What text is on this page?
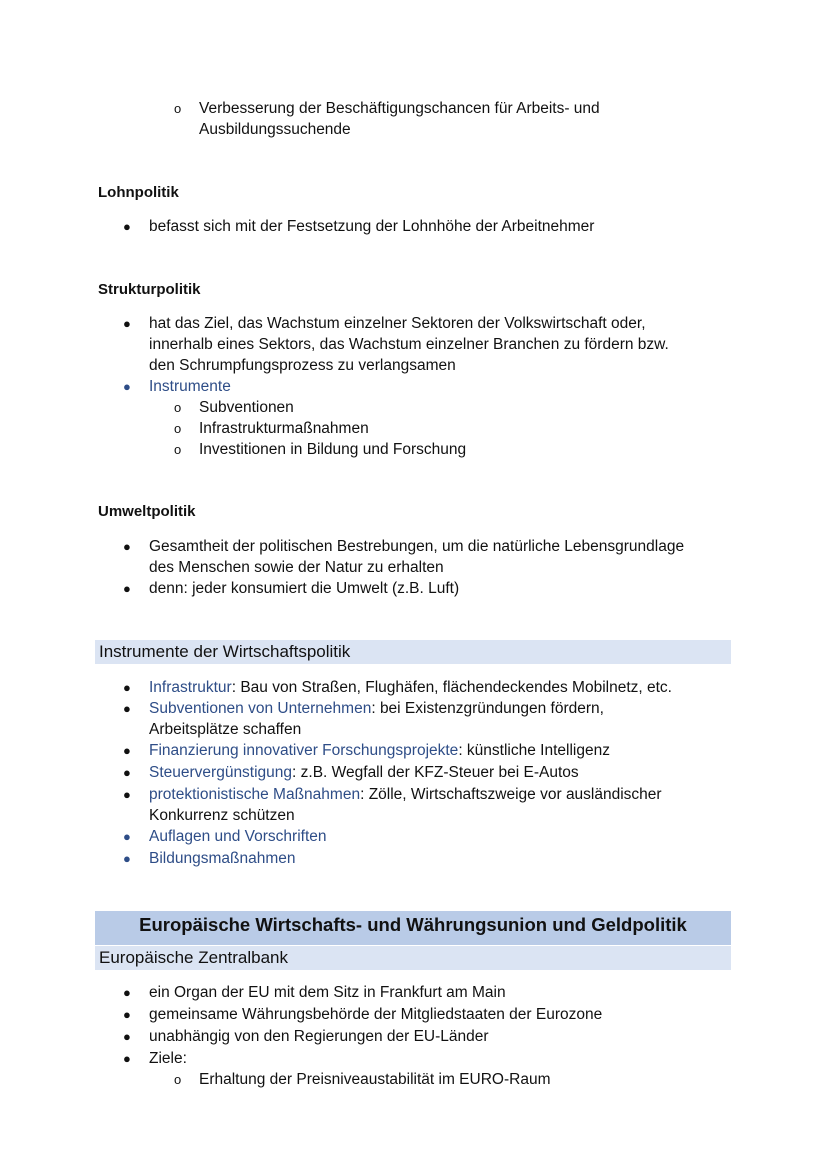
o Verbesserung der Beschäftigungschancen für Arbeits- und
Ausbildungssuchende
Lohnpolitik
● befasst sich mit der Festsetzung der Lohnhöhe der Arbeitnehmer
Strukturpolitik
● hat das Ziel, das Wachstum einzelner Sektoren der Volkswirtschaft oder,
innerhalb eines Sektors, das Wachstum einzelner Branchen zu fördern bzw.
den Schrumpfungsprozess zu verlangsamen
● Instrumente
o Subventionen
o Infrastrukturmaßnahmen
o Investitionen in Bildung und Forschung
Umweltpolitik
● Gesamtheit der politischen Bestrebungen, um die natürliche Lebensgrundlage
des Menschen sowie der Natur zu erhalten
● denn: jeder konsumiert die Umwelt (z.B. Luft)
Instrumente der Wirtschaftspolitik
● Infrastruktur: Bau von Straßen, Flughäfen, flächendeckendes Mobilnetz, etc.
● Subventionen von Unternehmen: bei Existenzgründungen fördern,
Arbeitsplätze schaffen
● Finanzierung innovativer Forschungsprojekte: künstliche Intelligenz
● Steuervergünstigung: z.B. Wegfall der KFZ-Steuer bei E-Autos
● protektionistische Maßnahmen: Zölle, Wirtschaftszweige vor ausländischer
Konkurrenz schützen
● Auflagen und Vorschriften
● Bildungsmaßnahmen
Europäische Wirtschafts- und Währungsunion und Geldpolitik
Europäische Zentralbank
● ein Organ der EU mit dem Sitz in Frankfurt am Main
● gemeinsame Währungsbehörde der Mitgliedstaaten der Eurozone
● unabhängig von den Regierungen der EU-Länder
● Ziele:
o Erhaltung der Preisniveaustabilität im EURO-Raum
